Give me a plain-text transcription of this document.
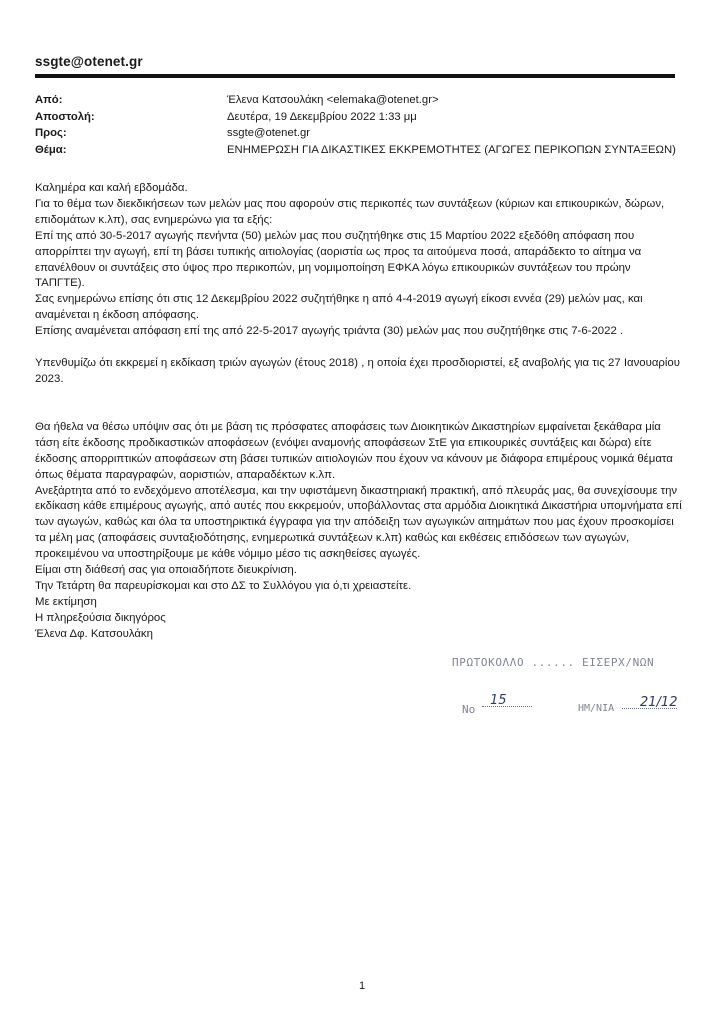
ssgte@otenet.gr
Από:	Έλενα Κατσουλάκη <elemaka@otenet.gr>
Αποστολή:	Δευτέρα, 19 Δεκεμβρίου 2022 1:33 μμ
Προς:	ssgte@otenet.gr
Θέμα:	ΕΝΗΜΕΡΩΣΗ ΓΙΑ ΔΙΚΑΣΤΙΚΕΣ ΕΚΚΡΕΜΟΤΗΤΕΣ (ΑΓΩΓΕΣ ΠΕΡΙΚΟΠΩΝ ΣΥΝΤΑΞΕΩΝ)

Καλημέρα και καλή εβδομάδα.

Για το θέμα των διεκδικήσεων των μελών μας που αφορούν στις περικοπές των συντάξεων (κύριων και επικουρικών, δώρων, επιδομάτων κ.λπ), σας ενημερώνω για τα εξής:

Επί της από 30-5-2017 αγωγής πενήντα (50) μελών μας που συζητήθηκε στις 15 Μαρτίου 2022 εξεδόθη απόφαση που απορρίπτει την αγωγή, επί τη βάσει τυπικής αιτιολογίας (αοριστία ως προς τα αιτούμενα ποσά, απαράδεκτο το αίτημα να επανέλθουν οι συντάξεις στο ύψος προ περικοπών, μη νομιμοποίηση ΕΦΚΑ λόγω επικουρικών συντάξεων του πρώην ΤΑΠΓΤΕ).

Σας ενημερώνω επίσης ότι στις 12 Δεκεμβρίου 2022 συζητήθηκε η από 4-4-2019 αγωγή είκοσι εννέα (29) μελών μας, και αναμένεται η έκδοση απόφασης.

Επίσης αναμένεται απόφαση επί της από 22-5-2017 αγωγής τριάντα (30) μελών μας που συζητήθηκε στις 7-6-2022 .

Υπενθυμίζω ότι εκκρεμεί η εκδίκαση τριών αγωγών (έτους 2018) , η οποία έχει προσδιοριστεί, εξ αναβολής για τις 27 Ιανουαρίου 2023.

Θα ήθελα να θέσω υπόψιν σας ότι με βάση τις πρόσφατες αποφάσεις των Διοικητικών Δικαστηρίων εμφαίνεται ξεκάθαρα μία τάση είτε έκδοσης προδικαστικών αποφάσεων (ενόψει αναμονής αποφάσεων ΣτΕ για επικουρικές συντάξεις και δώρα) είτε έκδοσης απορριπτικών αποφάσεων στη βάσει τυπικών αιτιολογιών που έχουν να κάνουν με διάφορα επιμέρους νομικά θέματα όπως θέματα παραγραφών, αοριστιών, απαραδέκτων κ.λπ.

Ανεξάρτητα από το ενδεχόμενο αποτέλεσμα, και την υφιστάμενη δικαστηριακή πρακτική, από πλευράς μας, θα συνεχίσουμε την εκδίκαση κάθε επιμέρους αγωγής, από αυτές που εκκρεμούν, υποβάλλοντας στα αρμόδια Διοικητικά Δικαστήρια υπομνήματα επί των αγωγών, καθώς και όλα τα υποστηρικτικά έγγραφα για την απόδειξη των αγωγικών αιτημάτων που μας έχουν προσκομίσει τα μέλη μας (αποφάσεις συνταξιοδότησης, ενημερωτικά συντάξεων κ.λπ) καθώς και εκθέσεις επιδόσεων των αγωγών, προκειμένου να υποστηρίξουμε με κάθε νόμιμο μέσο τις ασκηθείσες αγωγές.

Είμαι στη διάθεσή σας για οποιαδήποτε διευκρίνιση.

Την Τετάρτη θα παρευρίσκομαι και στο ΔΣ το Συλλόγου για ό,τι χρειαστείτε.

Με εκτίμηση

Η πληρεξούσια δικηγόρος

Έλενα Δφ. Κατσουλάκη

ΠΡΩΤΟΚΟΛΛΟ ...... ΕΙΣΕΡΧ/ΝΩΝ
Νο
15
ΗΜ/ΝΙΑ 21/12
1
